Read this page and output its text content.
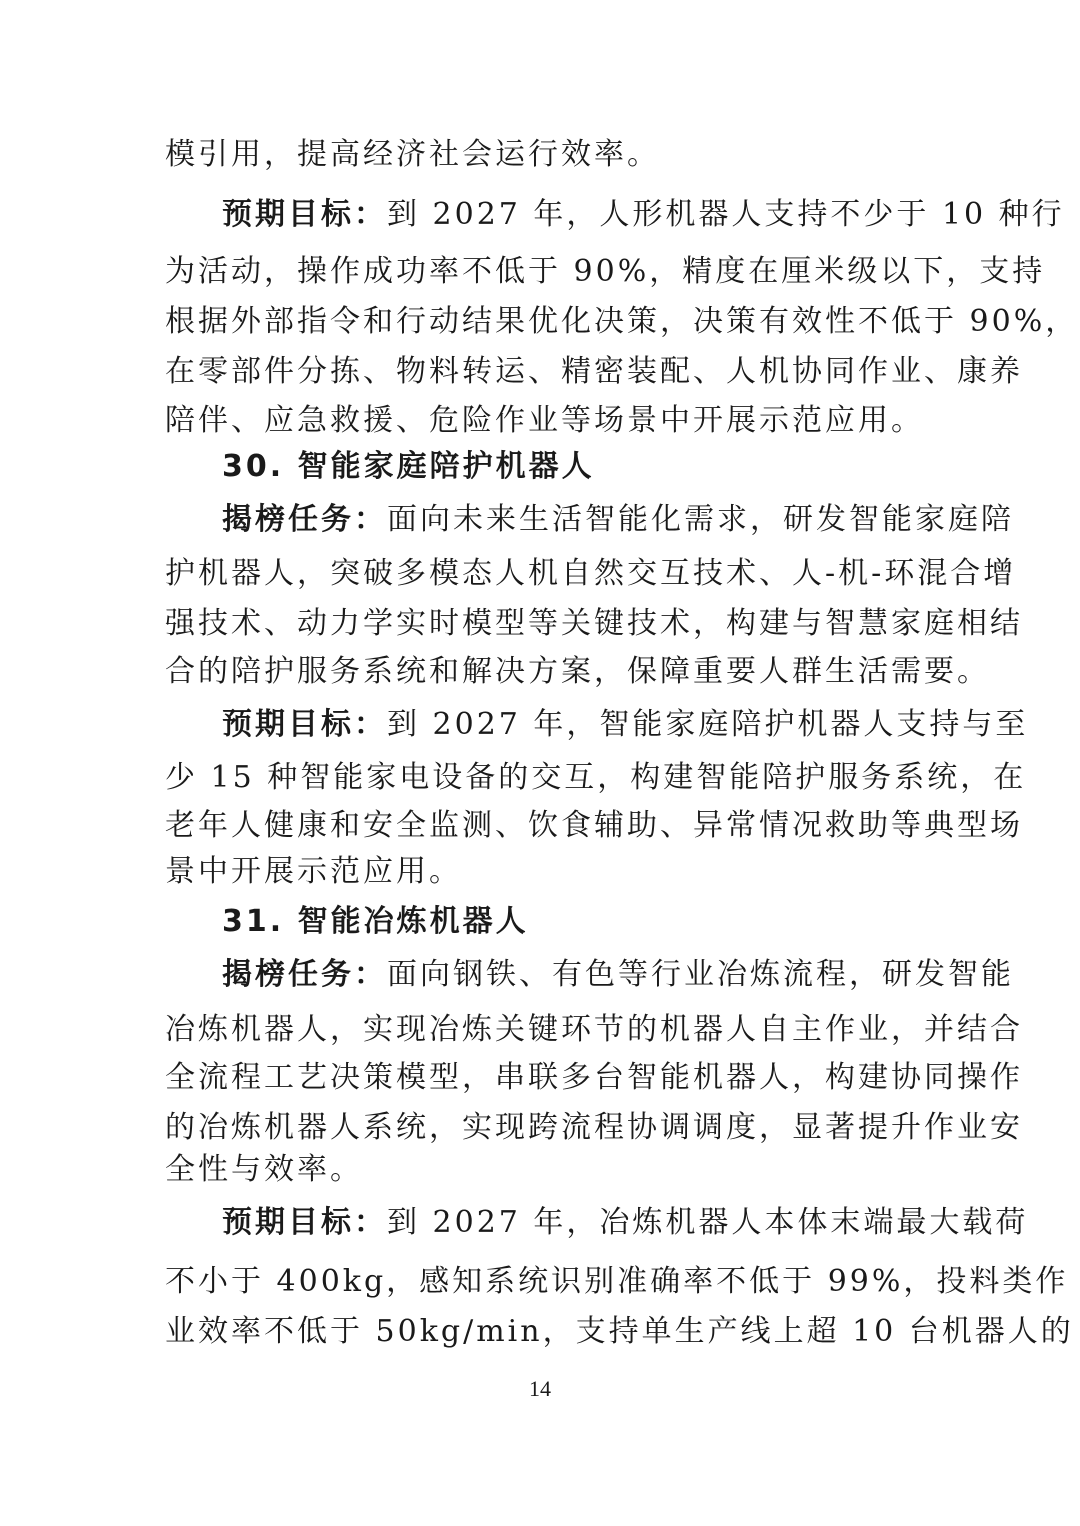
模引用，提高经济社会运行效率。
预期目标：到 2027 年，人形机器人支持不少于 10 种行
为活动，操作成功率不低于 90%，精度在厘米级以下，支持
根据外部指令和行动结果优化决策，决策有效性不低于 90%，
在零部件分拣、物料转运、精密装配、人机协同作业、康养
陪伴、应急救援、危险作业等场景中开展示范应用。
30. 智能家庭陪护机器人
揭榜任务：面向未来生活智能化需求，研发智能家庭陪
护机器人，突破多模态人机自然交互技术、人-机-环混合增
强技术、动力学实时模型等关键技术，构建与智慧家庭相结
合的陪护服务系统和解决方案，保障重要人群生活需要。
预期目标：到 2027 年，智能家庭陪护机器人支持与至
少 15 种智能家电设备的交互，构建智能陪护服务系统，在
老年人健康和安全监测、饮食辅助、异常情况救助等典型场
景中开展示范应用。
31. 智能冶炼机器人
揭榜任务：面向钢铁、有色等行业冶炼流程，研发智能
冶炼机器人，实现冶炼关键环节的机器人自主作业，并结合
全流程工艺决策模型，串联多台智能机器人，构建协同操作
的冶炼机器人系统，实现跨流程协调调度，显著提升作业安
全性与效率。
预期目标：到 2027 年，冶炼机器人本体末端最大载荷
不小于 400kg，感知系统识别准确率不低于 99%，投料类作
业效率不低于 50kg/min，支持单生产线上超 10 台机器人的
14
